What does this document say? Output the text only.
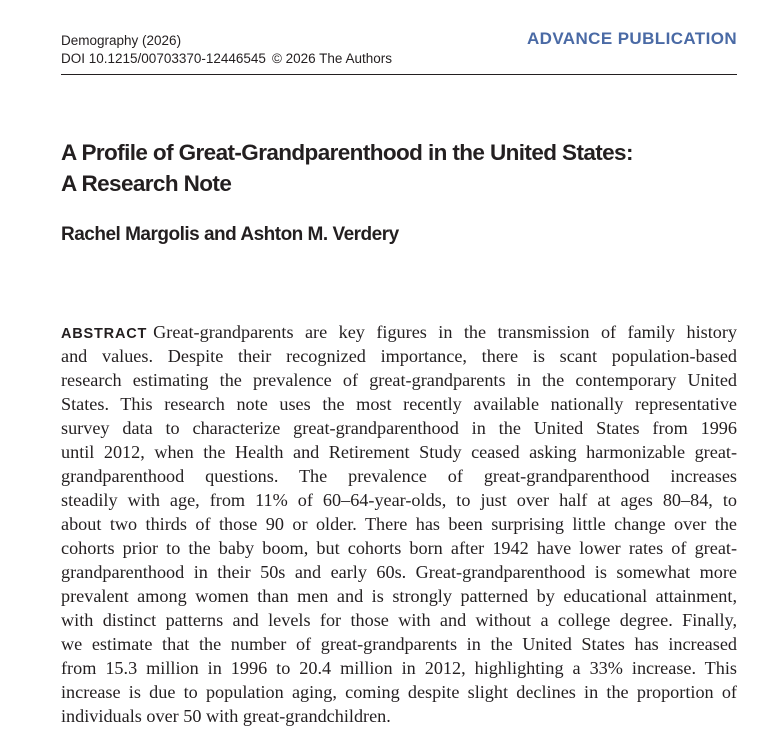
Demography (2026)
DOI 10.1215/00703370-12446545 © 2026 The Authors
ADVANCE PUBLICATION
A Profile of Great-Grandparenthood in the United States:
A Research Note
Rachel Margolis and Ashton M. Verdery
ABSTRACT Great-grandparents are key figures in the transmission of family history
and values. Despite their recognized importance, there is scant population-based
research estimating the prevalence of great-grandparents in the contemporary United
States. This research note uses the most recently available nationally representative
survey data to characterize great-grandparenthood in the United States from 1996
until 2012, when the Health and Retirement Study ceased asking harmonizable great-
grandparenthood questions. The prevalence of great-grandparenthood increases
steadily with age, from 11% of 60–64-year-olds, to just over half at ages 80–84, to
about two thirds of those 90 or older. There has been surprising little change over the
cohorts prior to the baby boom, but cohorts born after 1942 have lower rates of great-
grandparenthood in their 50s and early 60s. Great-grandparenthood is somewhat more
prevalent among women than men and is strongly patterned by educational attainment,
with distinct patterns and levels for those with and without a college degree. Finally,
we estimate that the number of great-grandparents in the United States has increased
from 15.3 million in 1996 to 20.4 million in 2012, highlighting a 33% increase. This
increase is due to population aging, coming despite slight declines in the proportion of
individuals over 50 with great-grandchildren.
